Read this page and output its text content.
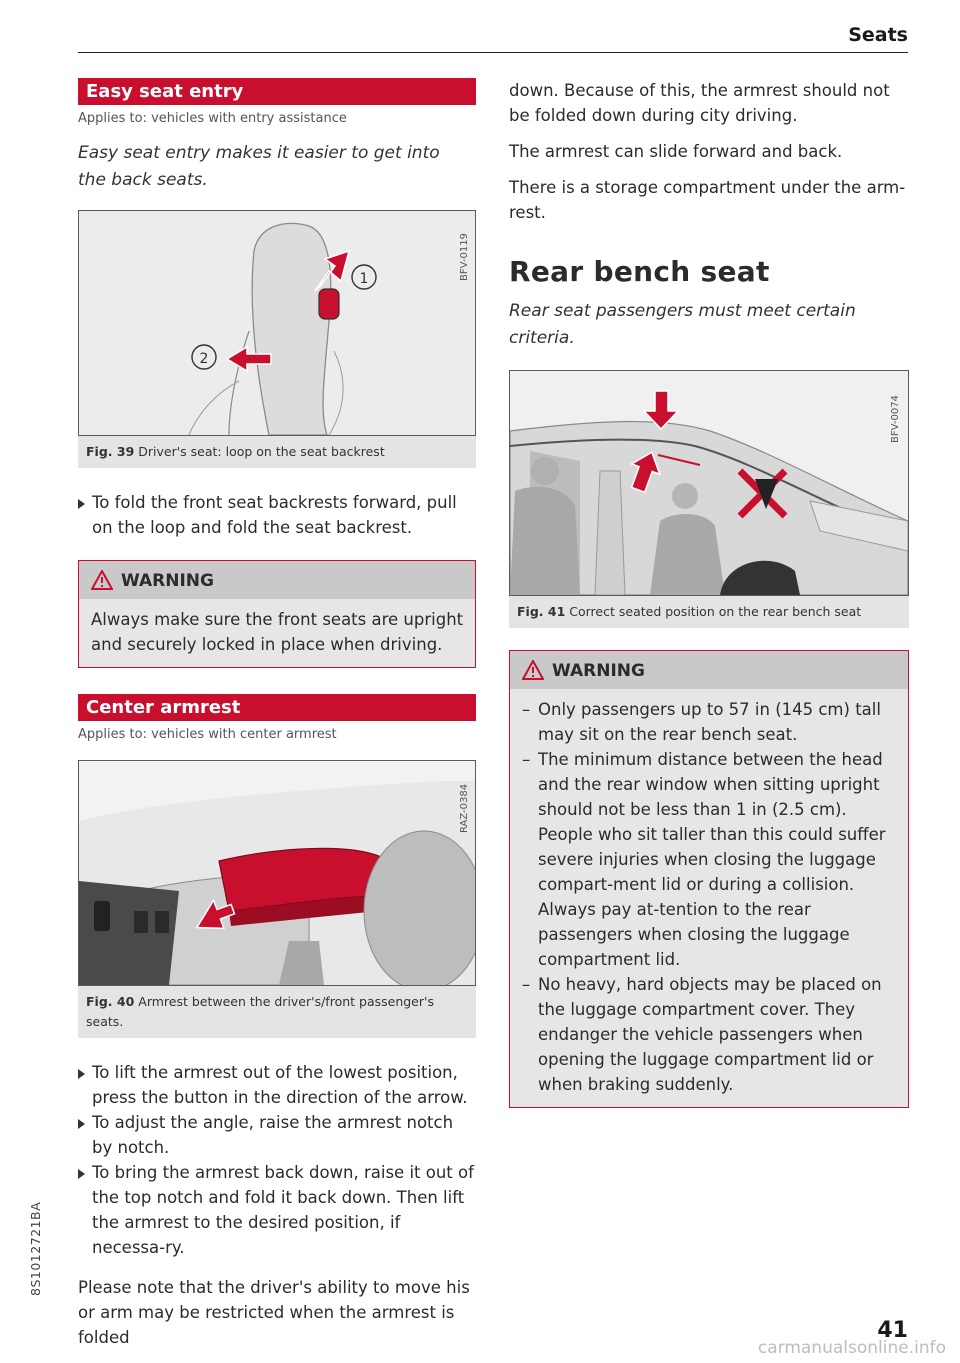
Seats
Easy seat entry
Applies to: vehicles with entry assistance
Easy seat entry makes it easier to get into the back seats.
1
2
BFV-0119
Fig. 39 Driver's seat: loop on the seat backrest
To fold the front seat backrests forward, pull on the loop and fold the seat backrest.
WARNING
Always make sure the front seats are upright and securely locked in place when driving.
Center armrest
Applies to: vehicles with center armrest
RAZ-0384
Fig. 40 Armrest between the driver's/front passenger's seats.
To lift the armrest out of the lowest position, press the button in the direction of the arrow.
To adjust the angle, raise the armrest notch by notch.
To bring the armrest back down, raise it out of the top notch and fold it back down. Then lift the armrest to the desired position, if necessa-ry.

Please note that the driver's ability to move his or arm may be restricted when the armrest is folded

down. Because of this, the armrest should not be folded down during city driving.

The armrest can slide forward and back.

There is a storage compartment under the arm-rest.

Rear bench seat
Rear seat passengers must meet certain criteria.
BFV-0074
Fig. 41 Correct seated position on the rear bench seat
WARNING
– Only passengers up to 57 in (145 cm) tall may sit on the rear bench seat.
– The minimum distance between the head and the rear window when sitting upright should not be less than 1 in (2.5 cm). People who sit taller than this could suffer severe injuries when closing the luggage compart-ment lid or during a collision. Always pay at-tention to the rear passengers when closing the luggage compartment lid.
– No heavy, hard objects may be placed on the luggage compartment cover. They endanger the vehicle passengers when opening the luggage compartment lid or when braking suddenly.
8S1012721BA
41
carmanualsonline.info
